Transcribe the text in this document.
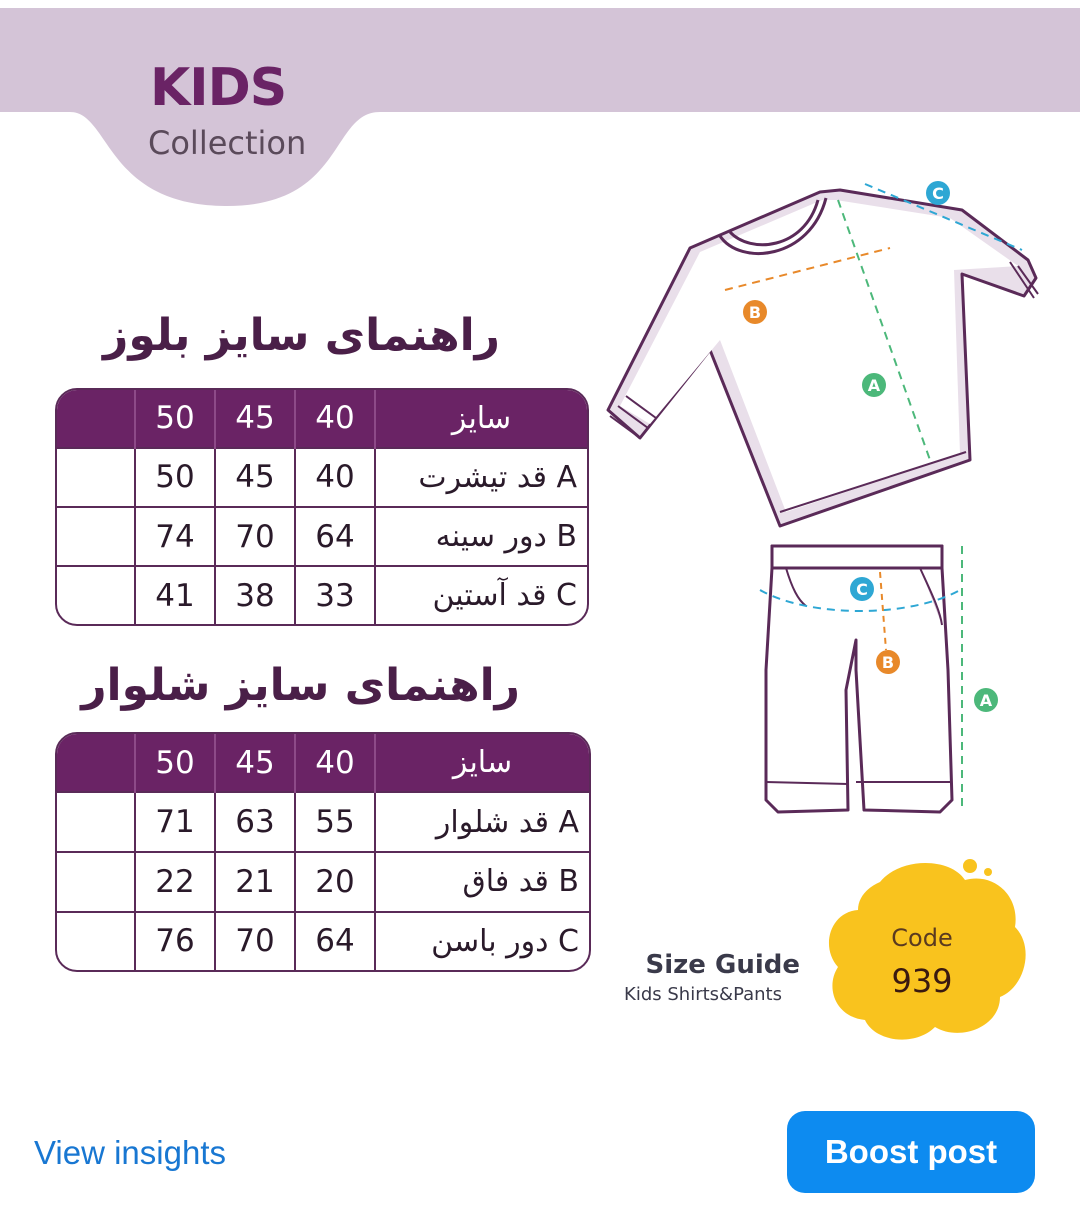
KIDS
Collection
راهنمای سایز بلوز
	50	45	40	سایز
	50	45	40	A قد تیشرت
	74	70	64	B دور سینه
	41	38	33	C قد آستین
راهنمای سایز شلوار
	50	45	40	سایز
	71	63	55	A قد شلوار
	22	21	20	B قد فاق
	76	70	64	C دور باسن
C
B
A
C
B
A
Code
939
Size Guide
Kids Shirts&Pants
View insights	Boost post
